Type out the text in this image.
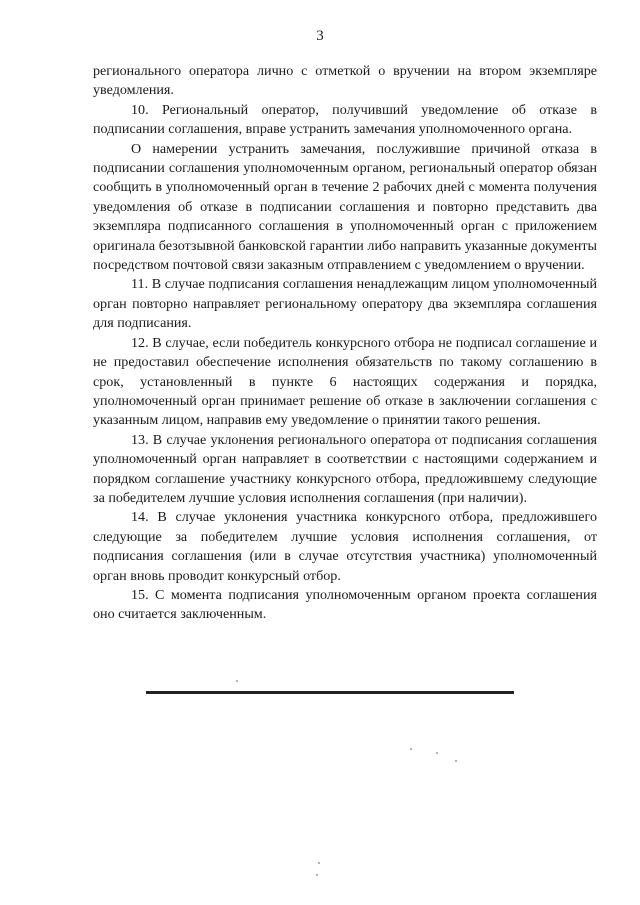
3

регионального оператора лично с отметкой о вручении на втором экземпляре уведомления.

10. Региональный оператор, получивший уведомление об отказе в подписании соглашения, вправе устранить замечания уполномоченного органа.

О намерении устранить замечания, послужившие причиной отказа в подписании соглашения уполномоченным органом, региональный оператор обязан сообщить в уполномоченный орган в течение 2 рабочих дней с момента получения уведомления об отказе в подписании соглашения и повторно представить два экземпляра подписанного соглашения в уполномоченный орган с приложением оригинала безотзывной банковской гарантии либо направить указанные документы посредством почтовой связи заказным отправлением с уведомлением о вручении.

11. В случае подписания соглашения ненадлежащим лицом уполномоченный орган повторно направляет региональному оператору два экземпляра соглашения для подписания.

12. В случае, если победитель конкурсного отбора не подписал соглашение и не предоставил обеспечение исполнения обязательств по такому соглашению в срок, установленный в пункте 6 настоящих содержания и порядка, уполномоченный орган принимает решение об отказе в заключении соглашения с указанным лицом, направив ему уведомление о принятии такого решения.

13. В случае уклонения регионального оператора от подписания соглашения уполномоченный орган направляет в соответствии с настоящими содержанием и порядком соглашение участнику конкурсного отбора, предложившему следующие за победителем лучшие условия исполнения соглашения (при наличии).

14. В случае уклонения участника конкурсного отбора, предложившего следующие за победителем лучшие условия исполнения соглашения, от подписания соглашения (или в случае отсутствия участника) уполномоченный орган вновь проводит конкурсный отбор.

15. С момента подписания уполномоченным органом проекта соглашения оно считается заключенным.
